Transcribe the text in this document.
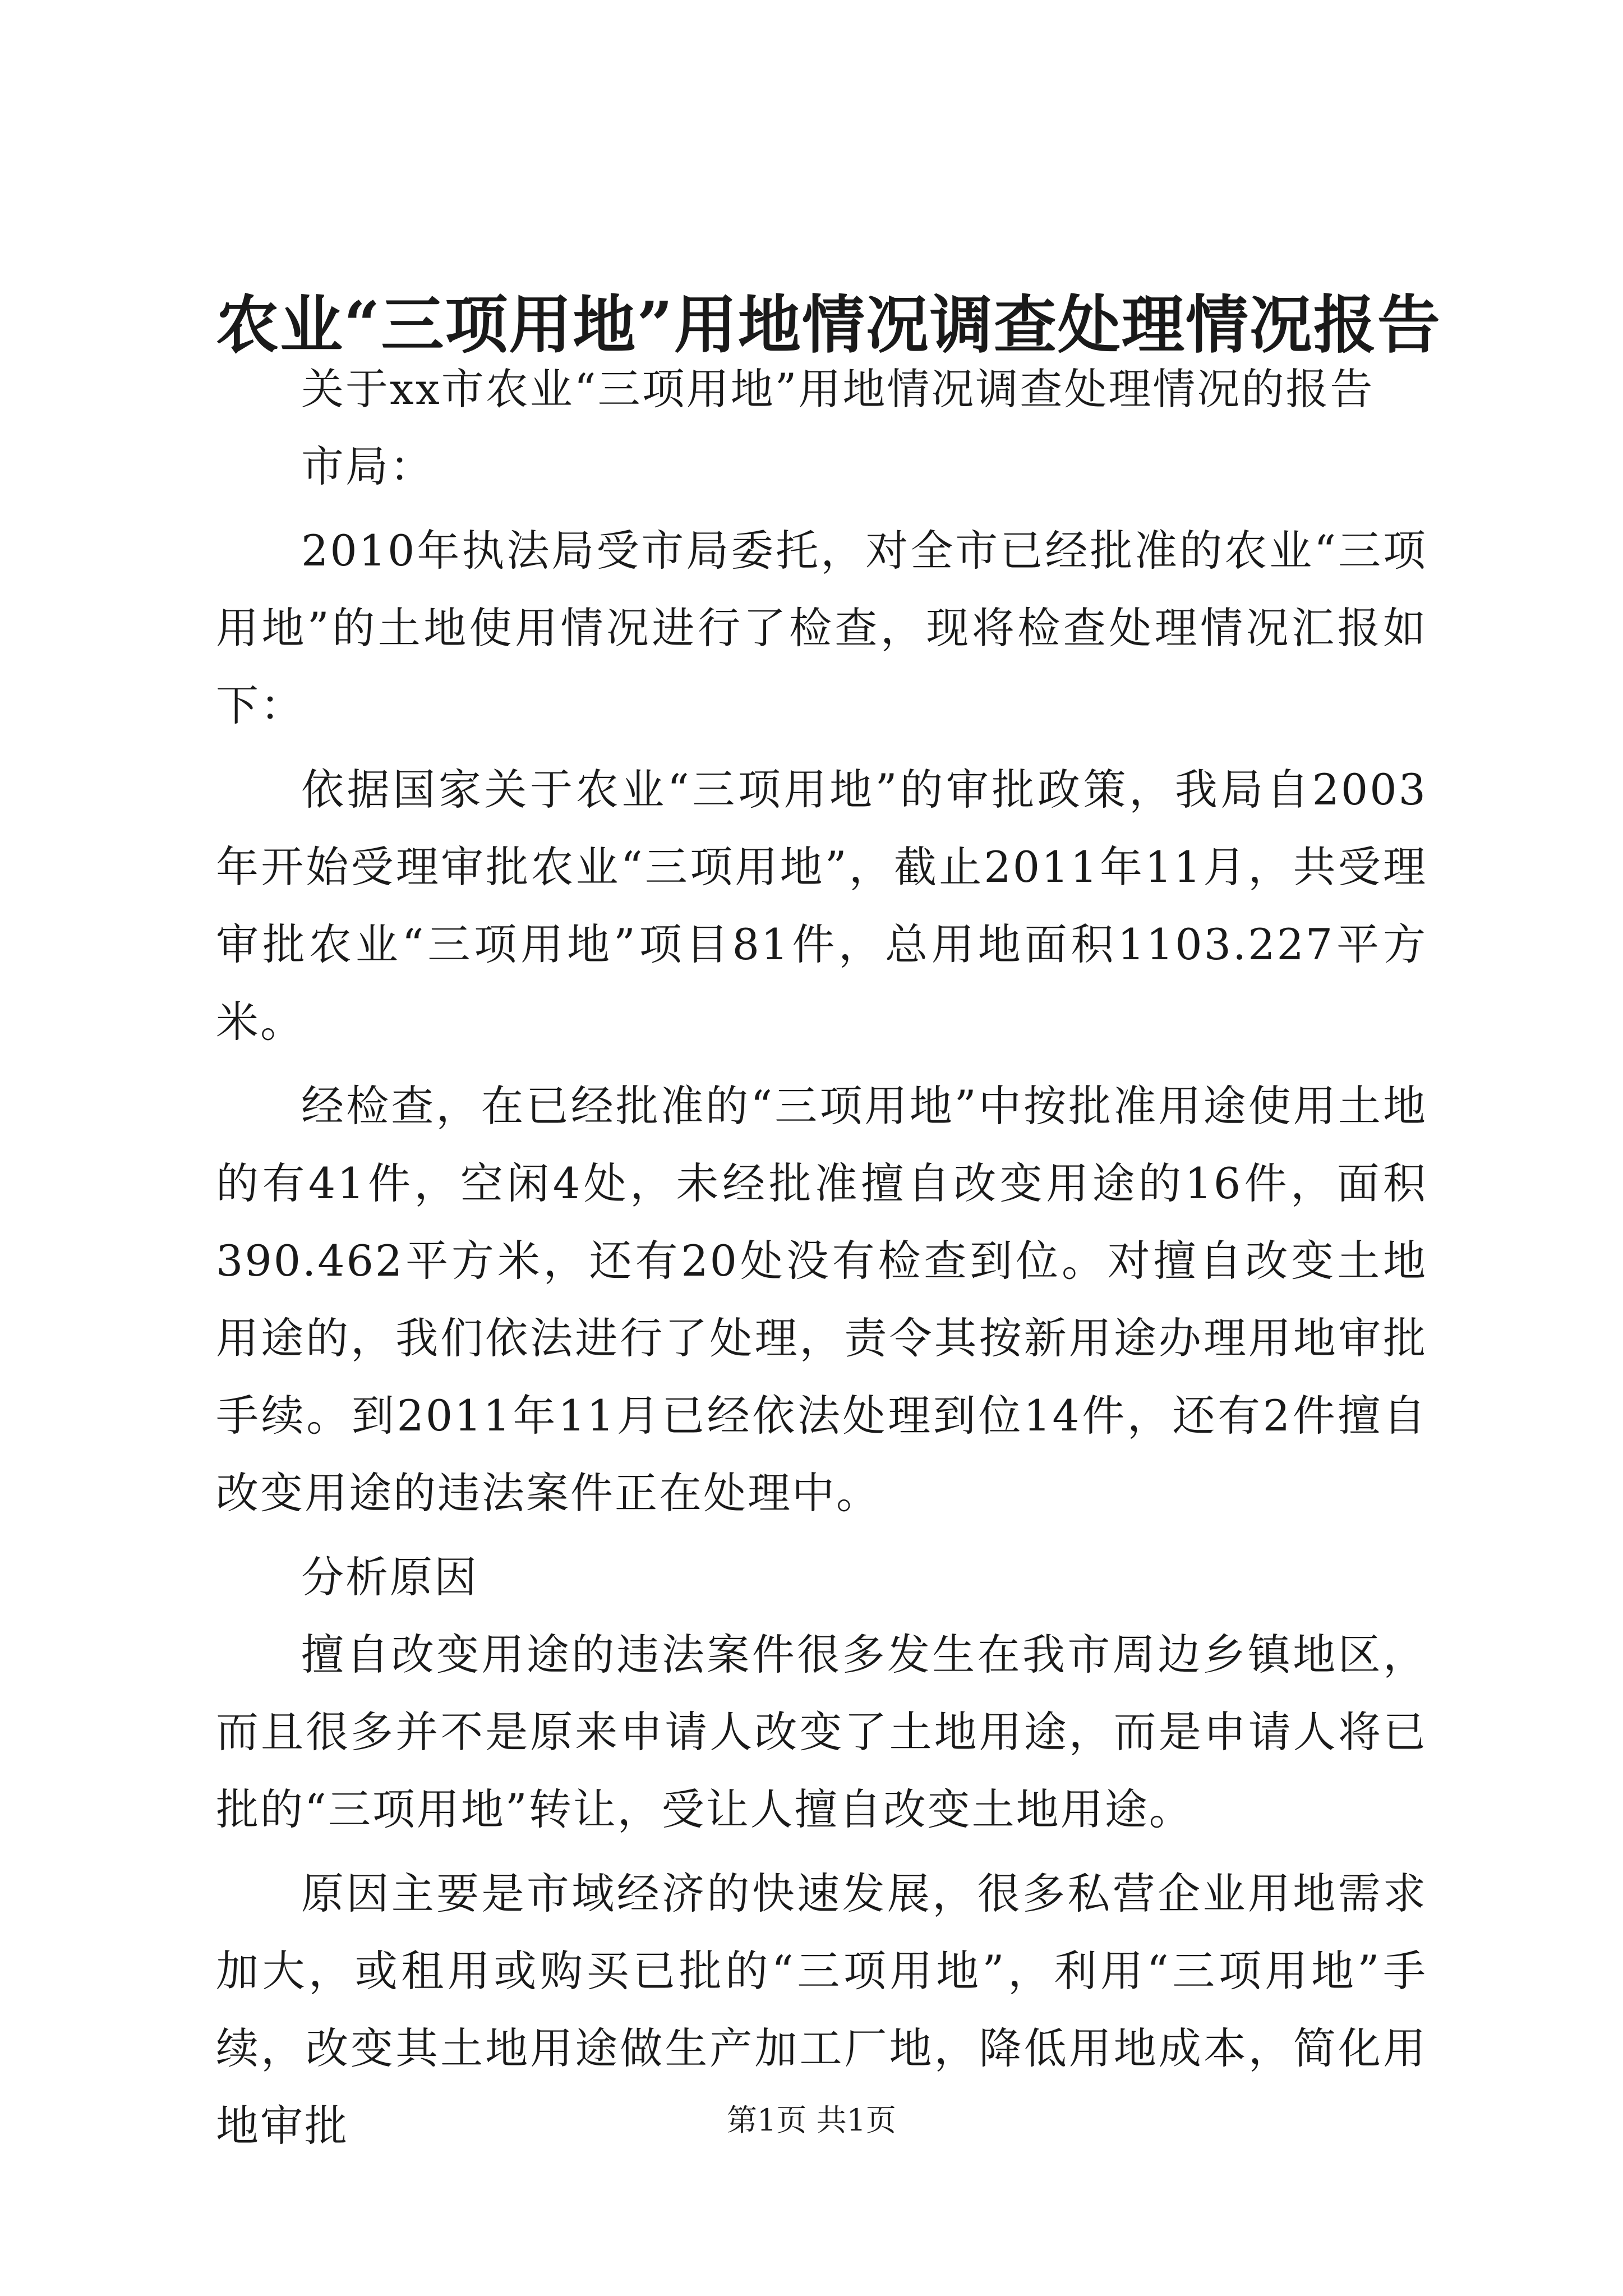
农业“三项用地”用地情况调查处理情况报告

关于xx市农业“三项用地”用地情况调查处理情况的报告

市局：

2010年执法局受市局委托，对全市已经批准的农业“三项用地”的土地使用情况进行了检查，现将检查处理情况汇报如下：

依据国家关于农业“三项用地”的审批政策，我局自2003年开始受理审批农业“三项用地”，截止2011年11月，共受理审批农业“三项用地”项目81件，总用地面积1103.227平方米。

经检查，在已经批准的“三项用地”中按批准用途使用土地的有41件，空闲4处，未经批准擅自改变用途的16件，面积390.462平方米，还有20处没有检查到位。对擅自改变土地用途的，我们依法进行了处理，责令其按新用途办理用地审批手续。到2011年11月已经依法处理到位14件，还有2件擅自改变用途的违法案件正在处理中。

分析原因

擅自改变用途的违法案件很多发生在我市周边乡镇地区，而且很多并不是原来申请人改变了土地用途，而是申请人将已批的“三项用地”转让，受让人擅自改变土地用途。

原因主要是市域经济的快速发展，很多私营企业用地需求加大，或租用或购买已批的“三项用地”，利用“三项用地”手续，改变其土地用途做生产加工厂地，降低用地成本，简化用地审批	第1页 共1页
